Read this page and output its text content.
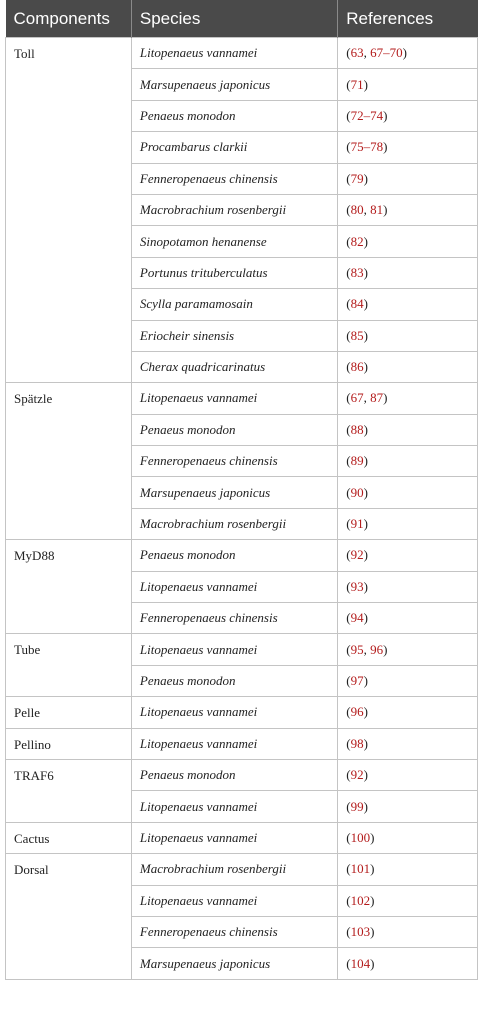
Components	Species	References
Toll	Litopenaeus vannamei	(63, 67–70)
	Marsupenaeus japonicus	(71)
	Penaeus monodon	(72–74)
	Procambarus clarkii	(75–78)
	Fenneropenaeus chinensis	(79)
	Macrobrachium rosenbergii	(80, 81)
	Sinopotamon henanense	(82)
	Portunus trituberculatus	(83)
	Scylla paramamosain	(84)
	Eriocheir sinensis	(85)
	Cherax quadricarinatus	(86)
Spätzle	Litopenaeus vannamei	(67, 87)
	Penaeus monodon	(88)
	Fenneropenaeus chinensis	(89)
	Marsupenaeus japonicus	(90)
	Macrobrachium rosenbergii	(91)
MyD88	Penaeus monodon	(92)
	Litopenaeus vannamei	(93)
	Fenneropenaeus chinensis	(94)
Tube	Litopenaeus vannamei	(95, 96)
	Penaeus monodon	(97)
Pelle	Litopenaeus vannamei	(96)
Pellino	Litopenaeus vannamei	(98)
TRAF6	Penaeus monodon	(92)
	Litopenaeus vannamei	(99)
Cactus	Litopenaeus vannamei	(100)
Dorsal	Macrobrachium rosenbergii	(101)
	Litopenaeus vannamei	(102)
	Fenneropenaeus chinensis	(103)
	Marsupenaeus japonicus	(104)
